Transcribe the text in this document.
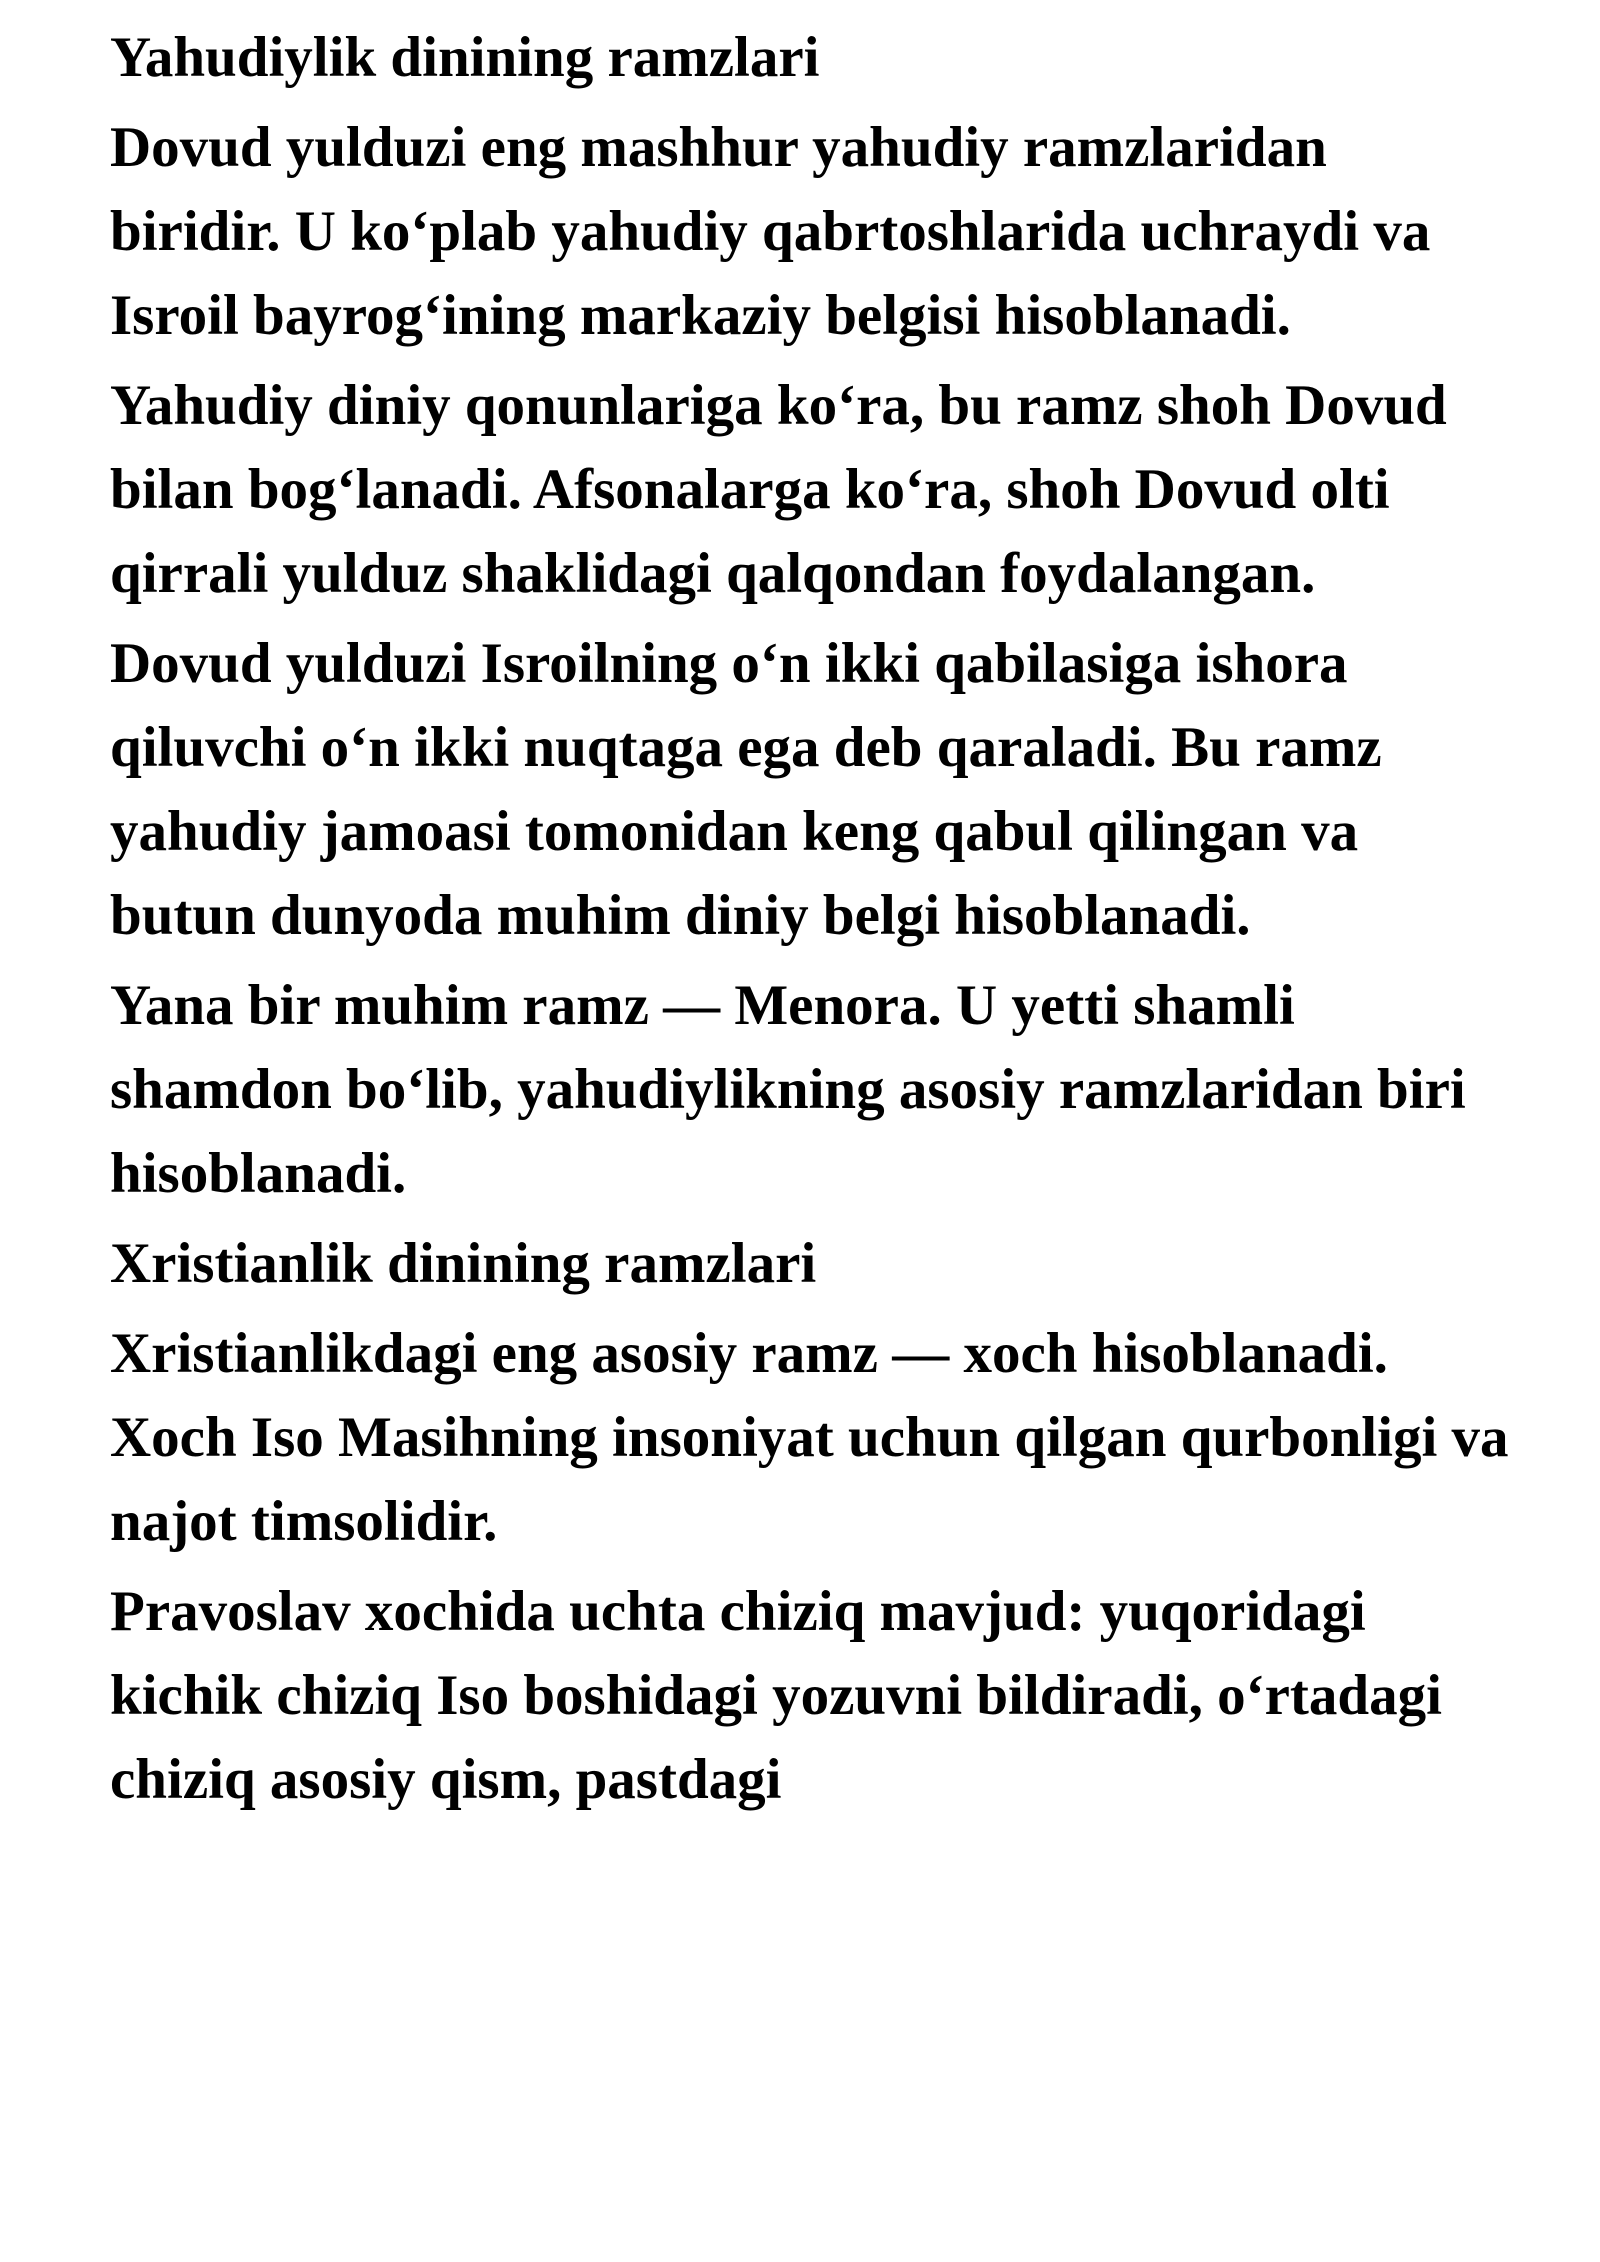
Yahudiylik dinining ramzlari

Dovud yulduzi eng mashhur yahudiy ramzlaridan biridir. U ko‘plab yahudiy qabrtoshlarida uchraydi va Isroil bayrog‘ining markaziy belgisi hisoblanadi.

Yahudiy diniy qonunlariga ko‘ra, bu ramz shoh Dovud bilan bog‘lanadi. Afsonalarga ko‘ra, shoh Dovud olti qirrali yulduz shaklidagi qalqondan foydalangan.

Dovud yulduzi Isroilning o‘n ikki qabilasiga ishora qiluvchi o‘n ikki nuqtaga ega deb qaraladi. Bu ramz yahudiy jamoasi tomonidan keng qabul qilingan va butun dunyoda muhim diniy belgi hisoblanadi.

Yana bir muhim ramz — Menora. U yetti shamli shamdon bo‘lib, yahudiylikning asosiy ramzlaridan biri hisoblanadi.

Xristianlik dinining ramzlari

Xristianlikdagi eng asosiy ramz — xoch hisoblanadi. Xoch Iso Masihning insoniyat uchun qilgan qurbonligi va najot timsolidir.

Pravoslav xochida uchta chiziq mavjud: yuqoridagi kichik chiziq Iso boshidagi yozuvni bildiradi, o‘rtadagi chiziq asosiy qism, pastdagi
